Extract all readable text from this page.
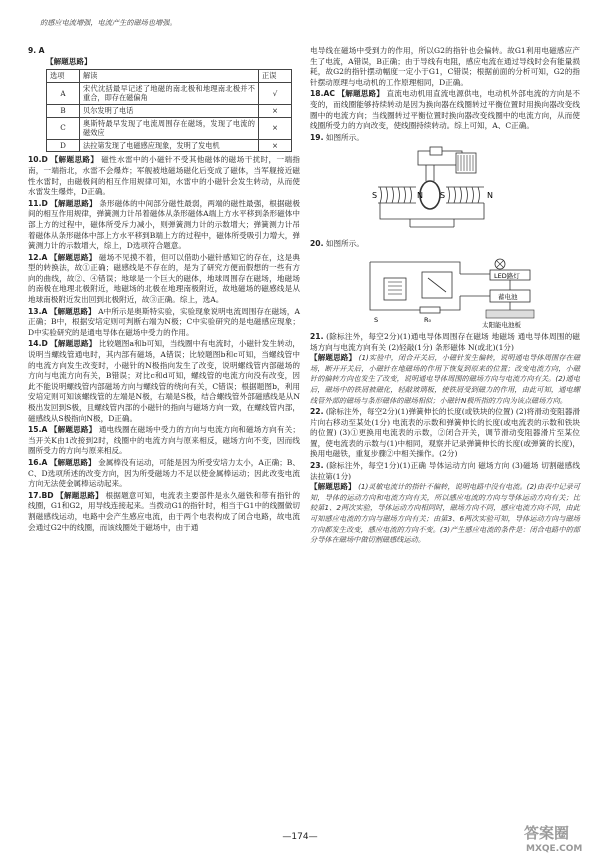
的感应电流增强，电流产生的磁场也增强。
9. A
【解题思路】
选项	解读	正误
A	宋代沈括最早记述了地磁的南北极和地理南北极并不重合，即存在磁偏角	√
B	贝尔发明了电话	×
C	奥斯特最早发现了电流周围存在磁场，发现了电流的磁效应	×
D	法拉第发现了电磁感应现象，发明了发电机	×
10.D 【解题思路】 磁性水雷中的小磁针不受其他磁体的磁场干扰时，一端指南，一端指北，水雷不会爆炸；军舰被地磁场磁化后变成了磁体，当军舰接近磁性水雷时，由磁极间的相互作用规律可知，水雷中的小磁针会发生转动，从而使水雷发生爆炸，D正确。
11.D 【解题思路】 条形磁体的中间部分磁性最弱，两端的磁性最强，根据磁极间的相互作用规律，弹簧测力计吊着磁体从条形磁体A端上方水平移到条形磁体中部上方的过程中，磁体所受斥力减小，则弹簧测力计的示数增大；弹簧测力计吊着磁体从条形磁体中部上方水平移到B端上方的过程中，磁体所受吸引力增大，弹簧测力计的示数增大，综上，D选项符合题意。
12.A 【解题思路】 磁场不见摸不着，但可以借助小磁针感知它的存在，这是典型的转换法，故①正确；磁感线是不存在的，是为了研究方便而假想的一些有方向的曲线，故②、④错误；地球是一个巨大的磁体，地球周围存在磁场，地磁场的南极在地理北极附近，地磁场的北极在地理南极附近，故地磁场的磁感线是从地球南极附近发出回到北极附近，故③正确。综上，选A。
13.A 【解题思路】 A中所示是奥斯特实验，实验现象说明电流周围存在磁场，A正确；B中，根据安培定则可判断右端为N极；C中实验研究的是电磁感应现象；D中实验研究的是通电导体在磁场中受力的作用。
14.D 【解题思路】 比较题图a和b可知，当线圈中有电流时，小磁针发生转动，说明当螺线管通电时，其内部有磁场，A错误；比较题图b和c可知，当螺线管中的电流方向发生改变时，小磁针的N极指向发生了改变，说明螺线管内部磁场的方向与电流方向有关，B错误；对比c和d可知，螺线管的电流方向没有改变，因此不能说明螺线管内部磁场方向与螺线管的绕向有关，C错误；根据题图b，利用安培定则可知该螺线管的左端是N极，右端是S极，结合螺线管外部磁感线是从N极出发回到S极，且螺线管内部的小磁针的指向与磁场方向一致，在螺线管内部，磁感线从S极指向N极，D正确。
15.A 【解题思路】 通电线圈在磁场中受力的方向与电流方向和磁场方向有关；当开关K由1改接到2时，线圈中的电流方向与原来相反，磁场方向不变，因而线圈所受力的方向与原来相反。
16.A 【解题思路】 金属棒没有运动，可能是因为所受安培力太小，A正确；B、C、D选项所述的改变方向，因为所受磁场力不足以使金属棒运动；因此改变电流方向无法使金属棒运动起来。
17.BD 【解题思路】 根据题意可知，电流表主要部件是永久磁铁和带有指针的线圈，G1和G2，用导线连接起来。当拨动G1的指针时，相当于G1中的线圈做切割磁感线运动，电路中会产生感应电流，由于两个电表构成了闭合电路，故电流会通过G2中的线圈，而该线圈处于磁场中，由于通
电导线在磁场中受到力的作用，所以G2的指针也会偏转。故G1利用电磁感应产生了电流，A错误，B正确；由于导线有电阻，感应电流在通过导线时会有能量损耗，故G2的指针摆动幅度一定小于G1，C错误；根据前面的分析可知，G2的指针摆动原理与电动机的工作原理相同，D正确。
18.AC 【解题思路】 直流电动机用直流电源供电，电动机外部电流的方向是不变的，而线圈能够持续转动是因为换向器在线圈转过平衡位置时用换向器改变线圈中的电流方向；当线圈转过平衡位置时换向器改变线圈中的电流方向，从而使线圈所受力的方向改变，使线圈持续转动。综上可知，A、C正确。
19. 如图所示。
S	N S	N
20. 如图所示。
LED路灯
蓄电池
太阳能电池板
R₀
S
21. (除标注外，每空2分)(1)通电导体周围存在磁场 地磁场 通电导体周围的磁场方向与电流方向有关 (2)轻敲(1分) 条形磁体 N(或北)(1分)
【解题思路】 (1)实验中，闭合开关后，小磁针发生偏转，说明通电导体周围存在磁场，断开开关后，小磁针在地磁场的作用下恢复到原来的位置；改变电流方向，小磁针的偏转方向也发生了改变，说明通电导体周围的磁场方向与电流方向有关。(2)通电后，磁场中的铁屑被磁化，轻敲玻璃板，使铁屑受到磁力的作用，由此可知，通电螺线管外部的磁场与条形磁体的磁场相似；小磁针N极所指的方向为该点磁场方向。
22. (除标注外，每空2分)(1)弹簧伸长的长度(或铁块的位置) (2)将滑动变阻器滑片向右移动至某处(1分) 电流表的示数和弹簧伸长的长度(或电流表的示数和铁块的位置) (3)①更换用电流表的示数，②闭合开关，调节滑动变阻器滑片至某位置，使电流表的示数与(1)中相同，观察并记录弹簧伸长的长度(或弹簧的长度)，换用电磁铁，重复步骤②中相关操作。(2分)
23. (除标注外，每空1分)(1)正确 导体运动方向 磁场方向 (3)磁场 切割磁感线 法拉第(1分)
【解题思路】 (1)灵敏电流计的指针不偏转，说明电路中没有电流。(2)由表中记录可知，导体的运动方向和电流方向有关，所以感应电流的方向与导体运动方向有关；比较第1、2两次实验，导体运动方向相同时，磁场方向不同，感应电流方向不同，由此可知感应电流的方向与磁场方向有关；由第3、6两次实验可知，导体运动方向与磁场方向都发生改变，感应电流的方向不变。(3)产生感应电流的条件是：闭合电路中的部分导体在磁场中做切割磁感线运动。
—174—	答案圈
MXQE.COM
